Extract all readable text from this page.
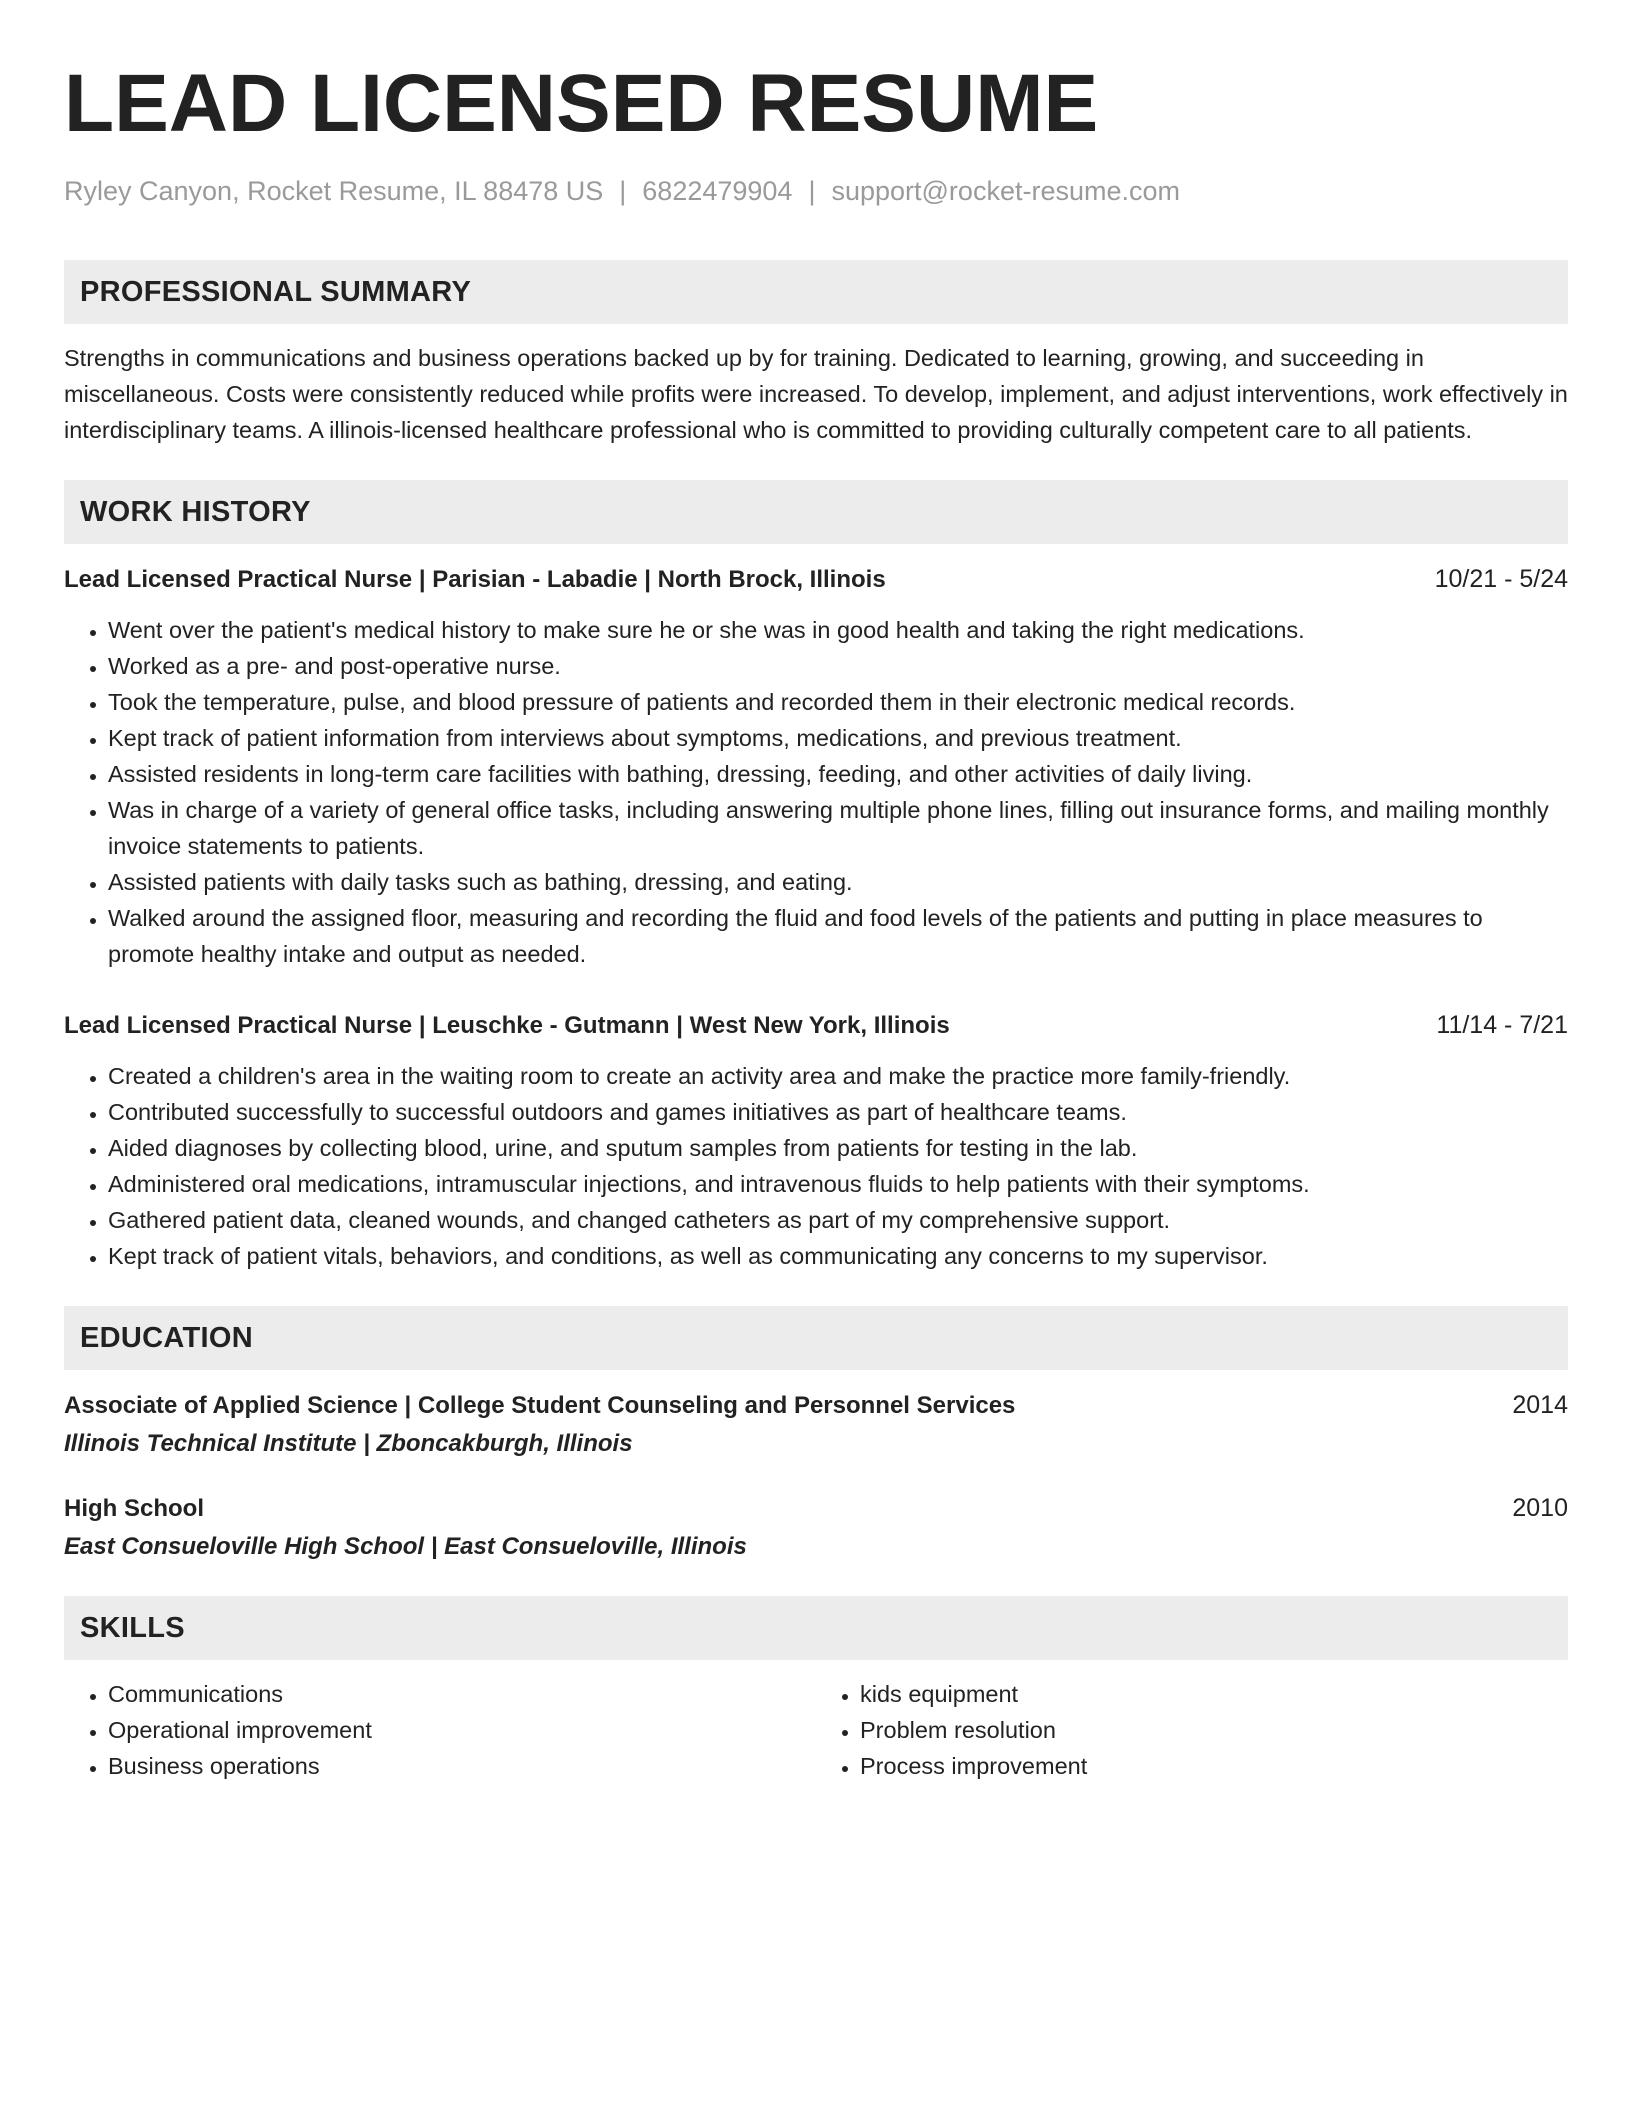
LEAD LICENSED RESUME
Ryley Canyon, Rocket Resume, IL 88478 US | 6822479904 | support@rocket-resume.com
PROFESSIONAL SUMMARY
Strengths in communications and business operations backed up by for training. Dedicated to learning, growing, and succeeding in miscellaneous. Costs were consistently reduced while profits were increased. To develop, implement, and adjust interventions, work effectively in interdisciplinary teams. A illinois-licensed healthcare professional who is committed to providing culturally competent care to all patients.
WORK HISTORY
Lead Licensed Practical Nurse | Parisian - Labadie | North Brock, Illinois	10/21 - 5/24
• Went over the patient's medical history to make sure he or she was in good health and taking the right medications.
• Worked as a pre- and post-operative nurse.
• Took the temperature, pulse, and blood pressure of patients and recorded them in their electronic medical records.
• Kept track of patient information from interviews about symptoms, medications, and previous treatment.
• Assisted residents in long-term care facilities with bathing, dressing, feeding, and other activities of daily living.
• Was in charge of a variety of general office tasks, including answering multiple phone lines, filling out insurance forms, and mailing monthly invoice statements to patients.
• Assisted patients with daily tasks such as bathing, dressing, and eating.
• Walked around the assigned floor, measuring and recording the fluid and food levels of the patients and putting in place measures to promote healthy intake and output as needed.
Lead Licensed Practical Nurse | Leuschke - Gutmann | West New York, Illinois	11/14 - 7/21
• Created a children's area in the waiting room to create an activity area and make the practice more family-friendly.
• Contributed successfully to successful outdoors and games initiatives as part of healthcare teams.
• Aided diagnoses by collecting blood, urine, and sputum samples from patients for testing in the lab.
• Administered oral medications, intramuscular injections, and intravenous fluids to help patients with their symptoms.
• Gathered patient data, cleaned wounds, and changed catheters as part of my comprehensive support.
• Kept track of patient vitals, behaviors, and conditions, as well as communicating any concerns to my supervisor.
EDUCATION
Associate of Applied Science | College Student Counseling and Personnel Services	2014
Illinois Technical Institute | Zboncakburgh, Illinois
High School	2010
East Consueloville High School | East Consueloville, Illinois
SKILLS
• Communications
• Operational improvement
• Business operations
• kids equipment
• Problem resolution
• Process improvement
